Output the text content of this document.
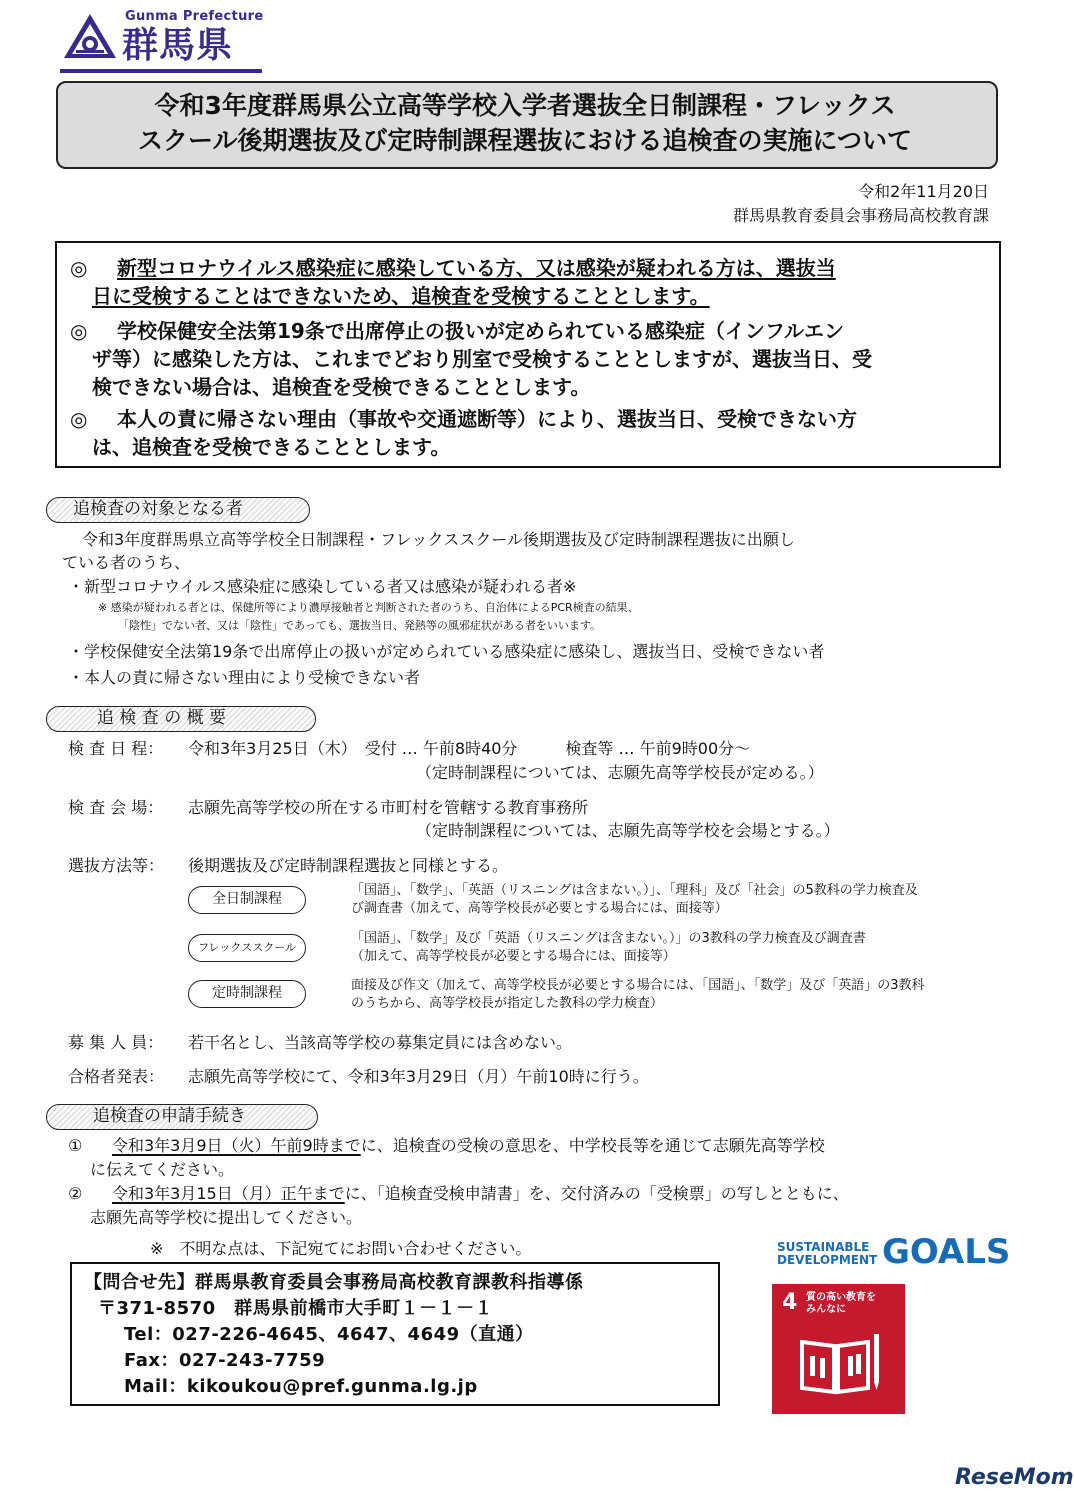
Gunma Prefecture
群馬県
令和3年度群馬県公立高等学校入学者選抜全日制課程・フレックス
スクール後期選抜及び定時制課程選抜における追検査の実施について
令和2年11月20日
群馬県教育委員会事務局高校教育課
◎ 新型コロナウイルス感染症に感染している方、又は感染が疑われる方は、選抜当
日に受検することはできないため、追検査を受検することとします。
◎ 学校保健安全法第19条で出席停止の扱いが定められている感染症（インフルエン
ザ等）に感染した方は、これまでどおり別室で受検することとしますが、選抜当日、受
検できない場合は、追検査を受検できることとします。
◎ 本人の責に帰さない理由（事故や交通遮断等）により、選抜当日、受検できない方
は、追検査を受検できることとします。
追検査の対象となる者
令和3年度群馬県立高等学校全日制課程・フレックススクール後期選抜及び定時制課程選抜に出願し
ている者のうち、
・新型コロナウイルス感染症に感染している者又は感染が疑われる者※
※ 感染が疑われる者とは、保健所等により濃厚接触者と判断された者のうち、自治体によるPCR検査の結果、
「陰性」でない者、又は「陰性」であっても、選抜当日、発熱等の風邪症状がある者をいいます。
・学校保健安全法第19条で出席停止の扱いが定められている感染症に感染し、選抜当日、受検できない者
・本人の責に帰さない理由により受検できない者
追 検 査 の 概 要
検 査 日 程： 令和3年3月25日（木）　受付 … 午前8時40分　　　検査等 … 午前9時00分～
（定時制課程については、志願先高等学校長が定める。）
検 査 会 場： 志願先高等学校の所在する市町村を管轄する教育事務所
（定時制課程については、志願先高等学校を会場とする。）
選抜方法等： 後期選抜及び定時制課程選抜と同様とする。
全日制課程
「国語」、「数学」、「英語（リスニングは含まない。）」、「理科」及び「社会」の5教科の学力検査及
び調査書（加えて、高等学校長が必要とする場合には、面接等）
フレックススクール
「国語」、「数学」及び「英語（リスニングは含まない。）」の3教科の学力検査及び調査書
（加えて、高等学校長が必要とする場合には、面接等）
定時制課程	面接及び作文（加えて、高等学校長が必要とする場合には、「国語」、「数学」及び「英語」の3教科
のうちから、高等学校長が指定した教科の学力検査）
募 集 人 員： 若干名とし、当該高等学校の募集定員には含めない。
合格者発表： 志願先高等学校にて、令和3年3月29日（月）午前10時に行う。
追検査の申請手続き
① 令和3年3月9日（火）午前9時までに、追検査の受検の意思を、中学校長等を通じて志願先高等学校
に伝えてください。
② 令和3年3月15日（月）正午までに、「追検査受検申請書」を、交付済みの「受検票」の写しとともに、
志願先高等学校に提出してください。
※　不明な点は、下記宛てにお問い合わせください。
【問合せ先】群馬県教育委員会事務局高校教育課教科指導係
〒371-8570　群馬県前橋市大手町１－１－１
Tel：027-226-4645、4647、4649（直通）
Fax：027-243-7759
Mail：kikoukou@pref.gunma.lg.jp
SUSTAINABLE
DEVELOPMENT GOALS
4 質の高い教育を
みんなに
ReseMom
